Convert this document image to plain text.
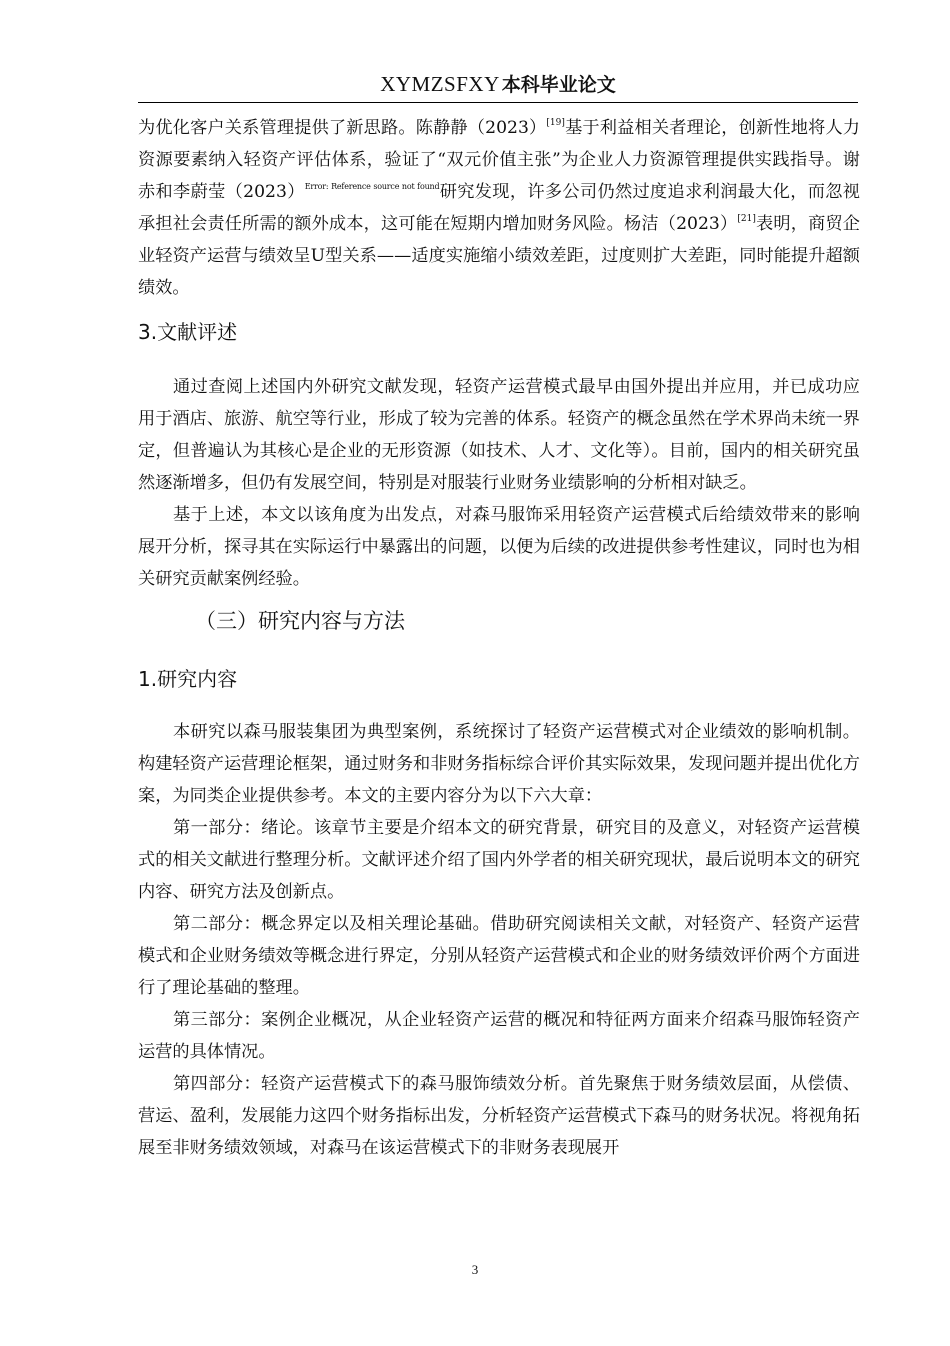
XYMZSFXY 本科毕业论文

为优化客户关系管理提供了新思路。陈静静（2023）[19]基于利益相关者理论，创新性地将人力资源要素纳入轻资产评估体系，验证了“双元价值主张”为企业人力资源管理提供实践指导。谢赤和李蔚莹$(2023)^{Error: Reference source not found}$研究发现，许多公司仍然过度追求利润最大化，而忽视承担社会责任所需的额外成本，这可能在短期内增加财务风险。杨洁（2023）[21]表明，商贸企业轻资产运营与绩效呈U型关系——适度实施缩小绩效差距，过度则扩大差距，同时能提升超额绩效。

3.文献评述

通过查阅上述国内外研究文献发现，轻资产运营模式最早由国外提出并应用，并已成功应用于酒店、旅游、航空等行业，形成了较为完善的体系。轻资产的概念虽然在学术界尚未统一界定，但普遍认为其核心是企业的无形资源（如技术、人才、文化等）。目前，国内的相关研究虽然逐渐增多，但仍有发展空间，特别是对服装行业财务业绩影响的分析相对缺乏。

基于上述，本文以该角度为出发点，对森马服饰采用轻资产运营模式后给绩效带来的影响展开分析，探寻其在实际运行中暴露出的问题，以便为后续的改进提供参考性建议，同时也为相关研究贡献案例经验。

（三）研究内容与方法
1.研究内容

本研究以森马服装集团为典型案例，系统探讨了轻资产运营模式对企业绩效的影响机制。构建轻资产运营理论框架，通过财务和非财务指标综合评价其实际效果，发现问题并提出优化方案，为同类企业提供参考。本文的主要内容分为以下六大章：

第一部分：绪论。该章节主要是介绍本文的研究背景，研究目的及意义，对轻资产运营模式的相关文献进行整理分析。文献评述介绍了国内外学者的相关研究现状，最后说明本文的研究内容、研究方法及创新点。

第二部分：概念界定以及相关理论基础。借助研究阅读相关文献，对轻资产、轻资产运营模式和企业财务绩效等概念进行界定，分别从轻资产运营模式和企业的财务绩效评价两个方面进行了理论基础的整理。

第三部分：案例企业概况，从企业轻资产运营的概况和特征两方面来介绍森马服饰轻资产运营的具体情况。

第四部分：轻资产运营模式下的森马服饰绩效分析。首先聚焦于财务绩效层面，从偿债、营运、盈利，发展能力这四个财务指标出发，分析轻资产运营模式下森马的财务状况。将视角拓展至非财务绩效领域，对森马在该运营模式下的非财务表现展开

3
